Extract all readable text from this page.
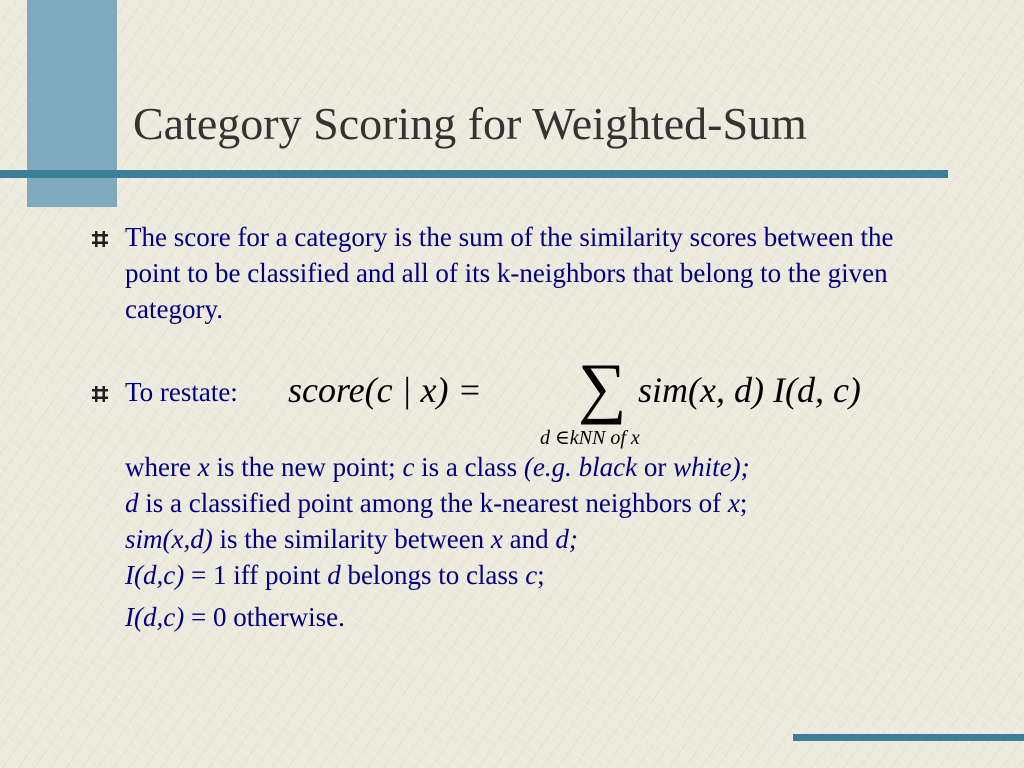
Category Scoring for Weighted-Sum

The score for a category is the sum of the similarity scores between the point to be classified and all of its k-neighbors that belong to the given category.

To restate: score(c | x) = ∑ sim(x, d) I(d, c)
d ∈kNN of x
where x is the new point; c is a class (e.g. black or white);
d is a classified point among the k-nearest neighbors of x;
sim(x,d) is the similarity between x and d;
I(d,c) = 1 iff point d belongs to class c;
I(d,c) = 0 otherwise.
